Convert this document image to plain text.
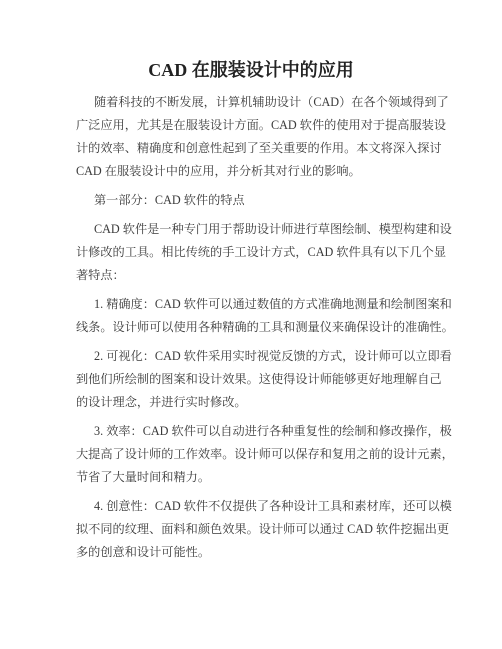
CAD 在服装设计中的应用
随着科技的不断发展，计算机辅助设计（CAD）在各个领域得到了
广泛应用，尤其是在服装设计方面。CAD 软件的使用对于提高服装设
计的效率、精确度和创意性起到了至关重要的作用。本文将深入探讨
CAD 在服装设计中的应用，并分析其对行业的影响。
第一部分：CAD 软件的特点
CAD 软件是一种专门用于帮助设计师进行草图绘制、模型构建和设
计修改的工具。相比传统的手工设计方式，CAD 软件具有以下几个显
著特点：
1. 精确度：CAD 软件可以通过数值的方式准确地测量和绘制图案和
线条。设计师可以使用各种精确的工具和测量仪来确保设计的准确性。
2. 可视化：CAD 软件采用实时视觉反馈的方式，设计师可以立即看
到他们所绘制的图案和设计效果。这使得设计师能够更好地理解自己
的设计理念，并进行实时修改。
3. 效率：CAD 软件可以自动进行各种重复性的绘制和修改操作，极
大提高了设计师的工作效率。设计师可以保存和复用之前的设计元素，
节省了大量时间和精力。
4. 创意性：CAD 软件不仅提供了各种设计工具和素材库，还可以模
拟不同的纹理、面料和颜色效果。设计师可以通过 CAD 软件挖掘出更
多的创意和设计可能性。
